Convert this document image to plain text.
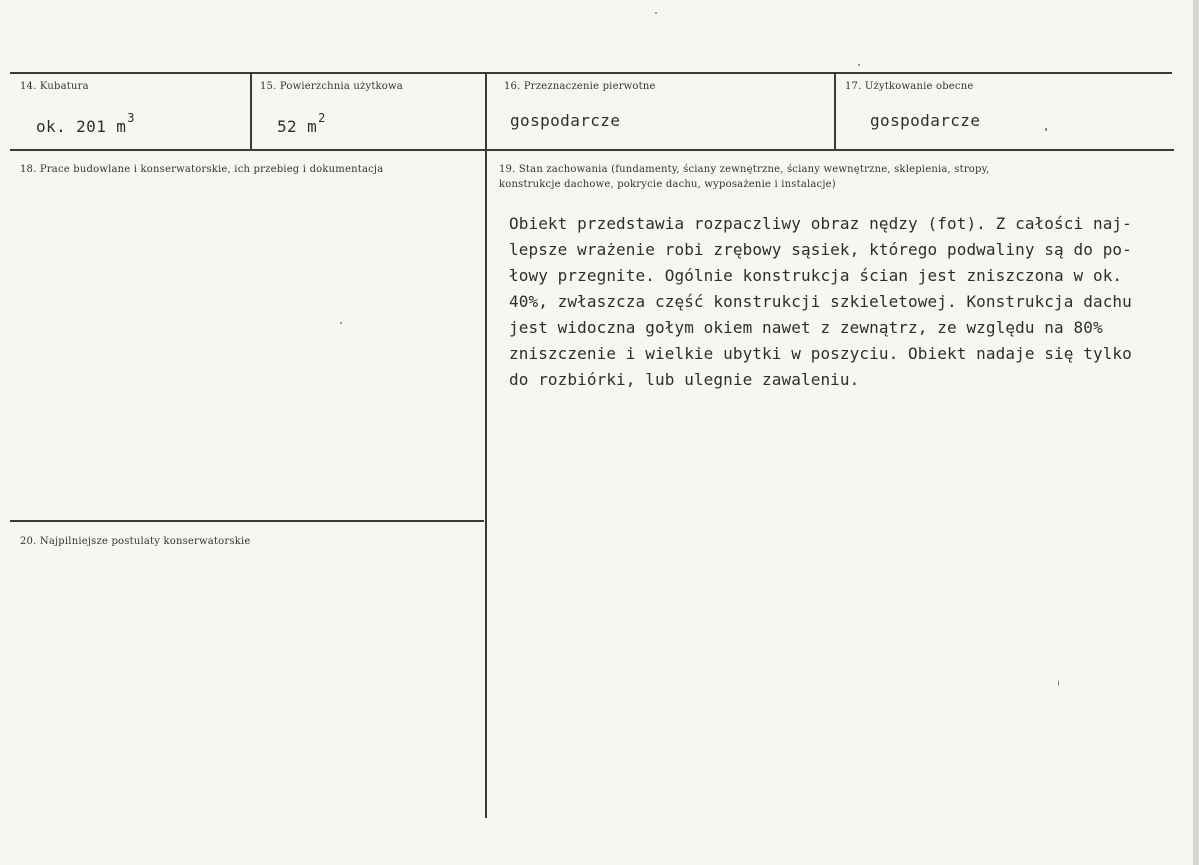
14. Kubatura
ok. 201 $m^3$
15. Powierzchnia użytkowa
52 $m^2$
16. Przeznaczenie pierwotne
gospodarcze
17. Użytkowanie obecne
gospodarcze
18. Prace budowlane i konserwatorskie, ich przebieg i dokumentacja	19. Stan zachowania (fundamenty, ściany zewnętrzne, ściany wewnętrzne, sklepienia, stropy,
konstrukcje dachowe, pokrycie dachu, wyposażenie i instalacje)
Obiekt przedstawia rozpaczliwy obraz nędzy (fot). Z całości naj-
lepsze wrażenie robi zrębowy sąsiek, którego podwaliny są do po-
łowy przegnite. Ogólnie konstrukcja ścian jest zniszczona w ok.
40%, zwłaszcza część konstrukcji szkieletowej. Konstrukcja dachu
jest widoczna gołym okiem nawet z zewnątrz, ze względu na 80%
zniszczenie i wielkie ubytki w poszyciu. Obiekt nadaje się tylko
do rozbiórki, lub ulegnie zawaleniu.
20. Najpilniejsze postulaty konserwatorskie
